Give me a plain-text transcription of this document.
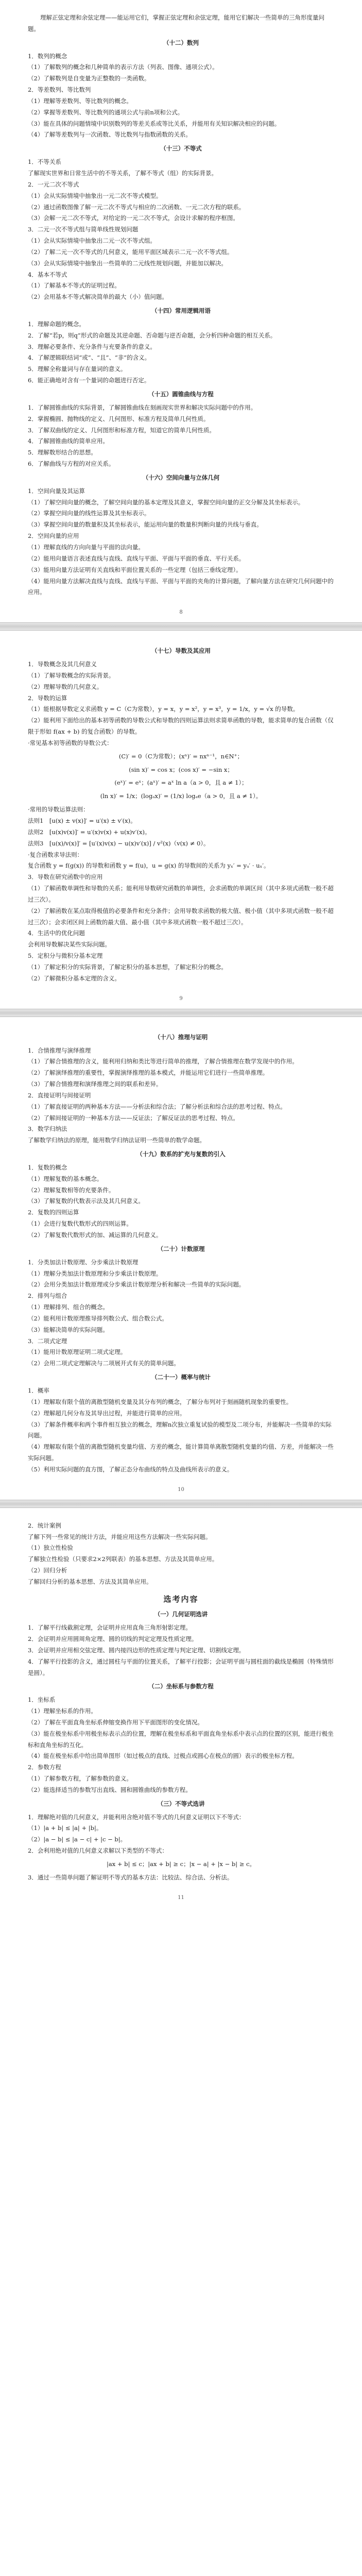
理解正弦定理和余弦定理——能运用它们，掌握正弦定理和余弦定理，能用它们解决一些简单的三角形度量问题。

（十二）数列

1．数列的概念

（1）了解数列的概念和几种简单的表示方法（列表、图像、通项公式）。

（2）了解数列是自变量为正整数的一类函数。

2．等差数列、等比数列

（1）理解等差数列、等比数列的概念。

（2）掌握等差数列、等比数列的通项公式与前n项和公式。

（3）能在具体的问题情境中识别数列的等差关系或等比关系，并能用有关知识解决相应的问题。

（4）了解等差数列与一次函数、等比数列与指数函数的关系。

（十三）不等式

1．不等关系

了解现实世界和日常生活中的不等关系，了解不等式（组）的实际背景。

2．一元二次不等式

（1）会从实际情境中抽象出一元二次不等式模型。

（2）通过函数图像了解一元二次不等式与相应的二次函数、一元二次方程的联系。

（3）会解一元二次不等式，对给定的一元二次不等式，会设计求解的程序框图。

3．二元一次不等式组与简单线性规划问题

（1）会从实际情境中抽象出二元一次不等式组。

（2）了解二元一次不等式的几何意义，能用平面区域表示二元一次不等式组。

（3）会从实际情境中抽象出一些简单的二元线性规划问题，并能加以解决。

4．基本不等式

（1）了解基本不等式的证明过程。

（2）会用基本不等式解决简单的最大（小）值问题。

（十四）常用逻辑用语

1．理解命题的概念。

2．了解“若p，则q”形式的命题及其逆命题、否命题与逆否命题，会分析四种命题的相互关系。

3．理解必要条件、充分条件与充要条件的意义。

4．了解逻辑联结词“或”、“且”、“非”的含义。

5．理解全称量词与存在量词的意义。

6．能正确地对含有一个量词的命题进行否定。

（十五）圆锥曲线与方程

1．了解圆锥曲线的实际背景，了解圆锥曲线在刻画现实世界和解决实际问题中的作用。

2．掌握椭圆、抛物线的定义、几何图形、标准方程及简单几何性质。

3．了解双曲线的定义、几何图形和标准方程，知道它的简单几何性质。

4．了解圆锥曲线的简单应用。

5．理解数形结合的思想。

6．了解曲线与方程的对应关系。

（十六）空间向量与立体几何

1．空间向量及其运算

（1）了解空间向量的概念，了解空间向量的基本定理及其意义，掌握空间向量的正交分解及其坐标表示。

（2）掌握空间向量的线性运算及其坐标表示。

（3）掌握空间向量的数量积及其坐标表示，能运用向量的数量积判断向量的共线与垂直。

2．空间向量的应用

（1）理解直线的方向向量与平面的法向量。

（2）能用向量语言表述直线与直线、直线与平面、平面与平面的垂直、平行关系。

（3）能用向量方法证明有关直线和平面位置关系的一些定理（包括三垂线定理）。

（4）能用向量方法解决直线与直线、直线与平面、平面与平面的夹角的计算问题，了解向量方法在研究几何问题中的应用。

8

（十七）导数及其应用

1．导数概念及其几何意义

（1）了解导数概念的实际背景。

（2）理解导数的几何意义。

2．导数的运算

（1）能根据导数定义求函数 y = C（C为常数），y = x，y = x²，y = x³，y = 1/x，y = √x 的导数。

（2）能利用下面给出的基本初等函数的导数公式和导数的四则运算法则求简单函数的导数，能求简单的复合函数（仅限于形如 f(ax + b) 的复合函数）的导数。

·常见基本初等函数的导数公式：

(C)′ = 0（C为常数）；(xⁿ)′ = nxⁿ⁻¹，n∈N⁺；

(sin x)′ = cos x；(cos x)′ = −sin x；

(eˣ)′ = eˣ；(aˣ)′ = aˣ ln a（a > 0，且 a ≠ 1）；

(ln x)′ = 1/x；(logₐx)′ = (1/x) logₐe（a > 0，且 a ≠ 1）。

·常用的导数运算法则：

法则1　[u(x) ± v(x)]′ = u′(x) ± v′(x)。

法则2　[u(x)v(x)]′ = u′(x)v(x) + u(x)v′(x)。

法则3　[u(x)/v(x)]′ = [u′(x)v(x) − u(x)v′(x)] / v²(x)（v(x) ≠ 0）。

·复合函数求导法则：

复合函数 y = f(g(x)) 的导数和函数 y = f(u)，u = g(x) 的导数间的关系为 yₓ′ = yᵤ′ · uₓ′。

3．导数在研究函数中的应用

（1）了解函数单调性和导数的关系；能利用导数研究函数的单调性，会求函数的单调区间（其中多项式函数一般不超过三次）。

（2）了解函数在某点取得极值的必要条件和充分条件；会用导数求函数的极大值、极小值（其中多项式函数一般不超过三次）；会求闭区间上函数的最大值、最小值（其中多项式函数一般不超过三次）。

4．生活中的优化问题

会利用导数解决某些实际问题。

5．定积分与微积分基本定理

（1）了解定积分的实际背景，了解定积分的基本思想，了解定积分的概念。

（2）了解微积分基本定理的含义。

9

（十八）推理与证明

1．合情推理与演绎推理

（1）了解合情推理的含义，能利用归纳和类比等进行简单的推理，了解合情推理在数学发现中的作用。

（2）了解演绎推理的重要性，掌握演绎推理的基本模式，并能运用它们进行一些简单推理。

（3）了解合情推理和演绎推理之间的联系和差异。

2．直接证明与间接证明

（1）了解直接证明的两种基本方法——分析法和综合法；了解分析法和综合法的思考过程、特点。

（2）了解间接证明的一种基本方法——反证法；了解反证法的思考过程、特点。

3．数学归纳法

了解数学归纳法的原理，能用数学归纳法证明一些简单的数学命题。

（十九）数系的扩充与复数的引入

1．复数的概念

（1）理解复数的基本概念。

（2）理解复数相等的充要条件。

（3）了解复数的代数表示法及其几何意义。

2．复数的四则运算

（1）会进行复数代数形式的四则运算。

（2）了解复数代数形式的加、减运算的几何意义。

（二十）计数原理

1．分类加法计数原理、分步乘法计数原理

（1）理解分类加法计数原理和分步乘法计数原理。

（2）会用分类加法计数原理或分步乘法计数原理分析和解决一些简单的实际问题。

2．排列与组合

（1）理解排列、组合的概念。

（2）能利用计数原理推导排列数公式、组合数公式。

（3）能解决简单的实际问题。

3．二项式定理

（1）能用计数原理证明二项式定理。

（2）会用二项式定理解决与二项展开式有关的简单问题。

（二十一）概率与统计

1．概率

（1）理解取有限个值的离散型随机变量及其分布列的概念，了解分布列对于刻画随机现象的重要性。

（2）理解超几何分布及其导出过程，并能进行简单的应用。

（3）了解条件概率和两个事件相互独立的概念，理解n次独立重复试验的模型及二项分布，并能解决一些简单的实际问题。

（4）理解取有限个值的离散型随机变量均值、方差的概念，能计算简单离散型随机变量的均值、方差，并能解决一些实际问题。

（5）利用实际问题的直方图，了解正态分布曲线的特点及曲线所表示的意义。

10

2．统计案例

了解下列一些常见的统计方法，并能应用这些方法解决一些实际问题。

（1）独立性检验

了解独立性检验（只要求2×2列联表）的基本思想、方法及其简单应用。

（2）回归分析

了解回归分析的基本思想、方法及其简单应用。

选考内容

（一）几何证明选讲

1．了解平行线截割定理，会证明并应用直角三角形射影定理。

2．会证明并应用圆周角定理、圆的切线的判定定理及性质定理。

3．会证明并应用相交弦定理、圆内接四边形的性质定理与判定定理、切割线定理。

4．了解平行投影的含义，通过圆柱与平面的位置关系，了解平行投影；会证明平面与圆柱面的截线是椭圆（特殊情形是圆）。

（二）坐标系与参数方程

1．坐标系

（1）理解坐标系的作用。

（2）了解在平面直角坐标系伸缩变换作用下平面图形的变化情况。

（3）能在极坐标系中用极坐标表示点的位置，理解在极坐标系和平面直角坐标系中表示点的位置的区别，能进行极坐标和直角坐标的互化。

（4）能在极坐标系中给出简单图形（如过极点的直线、过极点或圆心在极点的圆）表示的极坐标方程。

2．参数方程

（1）了解参数方程，了解参数的意义。

（2）能选择适当的参数写出直线、圆和圆锥曲线的参数方程。

（三）不等式选讲

1．理解绝对值的几何意义，并能利用含绝对值不等式的几何意义证明以下不等式：

（1）|a + b| ≤ |a| + |b|。

（2）|a − b| ≤ |a − c| + |c − b|。

2．会利用绝对值的几何意义求解以下类型的不等式：

|ax + b| ≤ c；|ax + b| ≥ c；|x − a| + |x − b| ≥ c。

3．通过一些简单问题了解证明不等式的基本方法：比较法、综合法、分析法。

11
